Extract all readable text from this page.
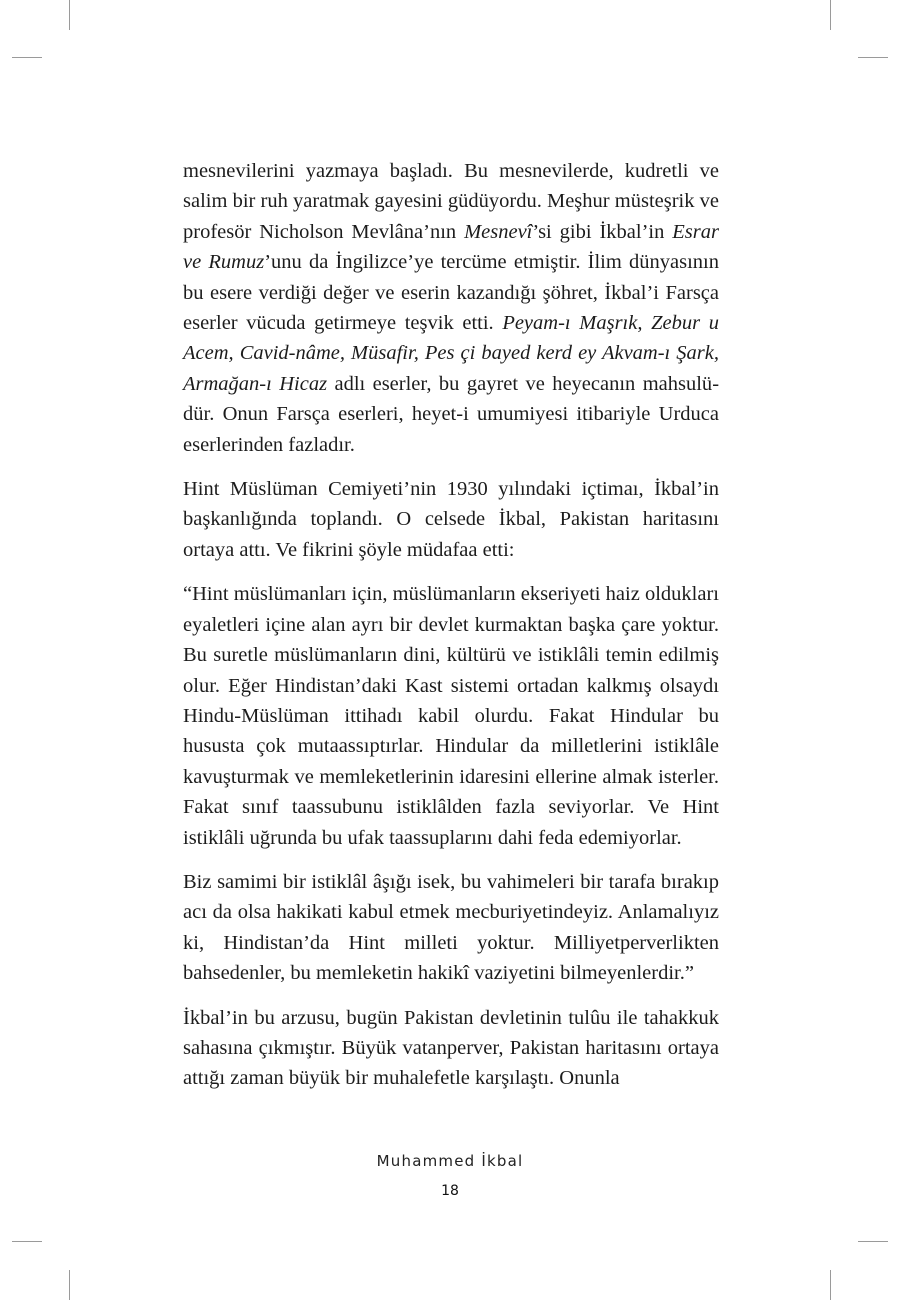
mesnevilerini yazmaya başladı. Bu mesnevilerde, kudretli ve salim bir ruh yaratmak gayesini güdüyordu. Meşhur müsteşrik ve profesör Nicholson Mevlâna’nın Mesnevî’si gibi İkbal’in Esrar ve Rumuz’unu da İngilizce’ye tercüme etmiştir. İlim dünyasının bu esere verdiği değer ve eserin kazandığı şöhret, İkbal’i Farsça eserler vücuda getirmeye teşvik etti. Peyam-ı Maşrık, Zebur u Acem, Cavid-nâme, Müsafir, Pes çi bayed kerd ey Akvam-ı Şark, Armağan-ı Hicaz adlı eserler, bu gayret ve heyecanın mahsulüdür. Onun Farsça eserleri, heyet-i umumiyesi itibariyle Urduca eserlerinden fazladır.

Hint Müslüman Cemiyeti’nin 1930 yılındaki içtimaı, İkbal’in başkanlığında toplandı. O celsede İkbal, Pakistan haritasını ortaya attı. Ve fikrini şöyle müdafaa etti:

“Hint müslümanları için, müslümanların ekseriyeti haiz oldukları eyaletleri içine alan ayrı bir devlet kurmaktan başka çare yoktur. Bu suretle müslümanların dini, kültürü ve istiklâli temin edilmiş olur. Eğer Hindistan’daki Kast sistemi ortadan kalkmış olsaydı Hindu-Müslüman ittihadı kabil olurdu. Fakat Hindular bu hususta çok mutaassıptırlar. Hindular da milletlerini istiklâle kavuşturmak ve memleketlerinin idaresini ellerine almak isterler. Fakat sınıf taassubunu istiklâlden fazla seviyorlar. Ve Hint istiklâli uğrunda bu ufak taassuplarını dahi feda edemiyorlar.

Biz samimi bir istiklâl âşığı isek, bu vahimeleri bir tarafa bırakıp acı da olsa hakikati kabul etmek mecburiyetindeyiz. Anlamalıyız ki, Hindistan’da Hint milleti yoktur. Milliyetperverlikten bahsedenler, bu memleketin hakikî vaziyetini bilmeyenlerdir.”

İkbal’in bu arzusu, bugün Pakistan devletinin tulûu ile tahakkuk sahasına çıkmıştır. Büyük vatanperver, Pakistan haritasını ortaya attığı zaman büyük bir muhalefetle karşılaştı. Onunla

Muhammed İkbal
18
